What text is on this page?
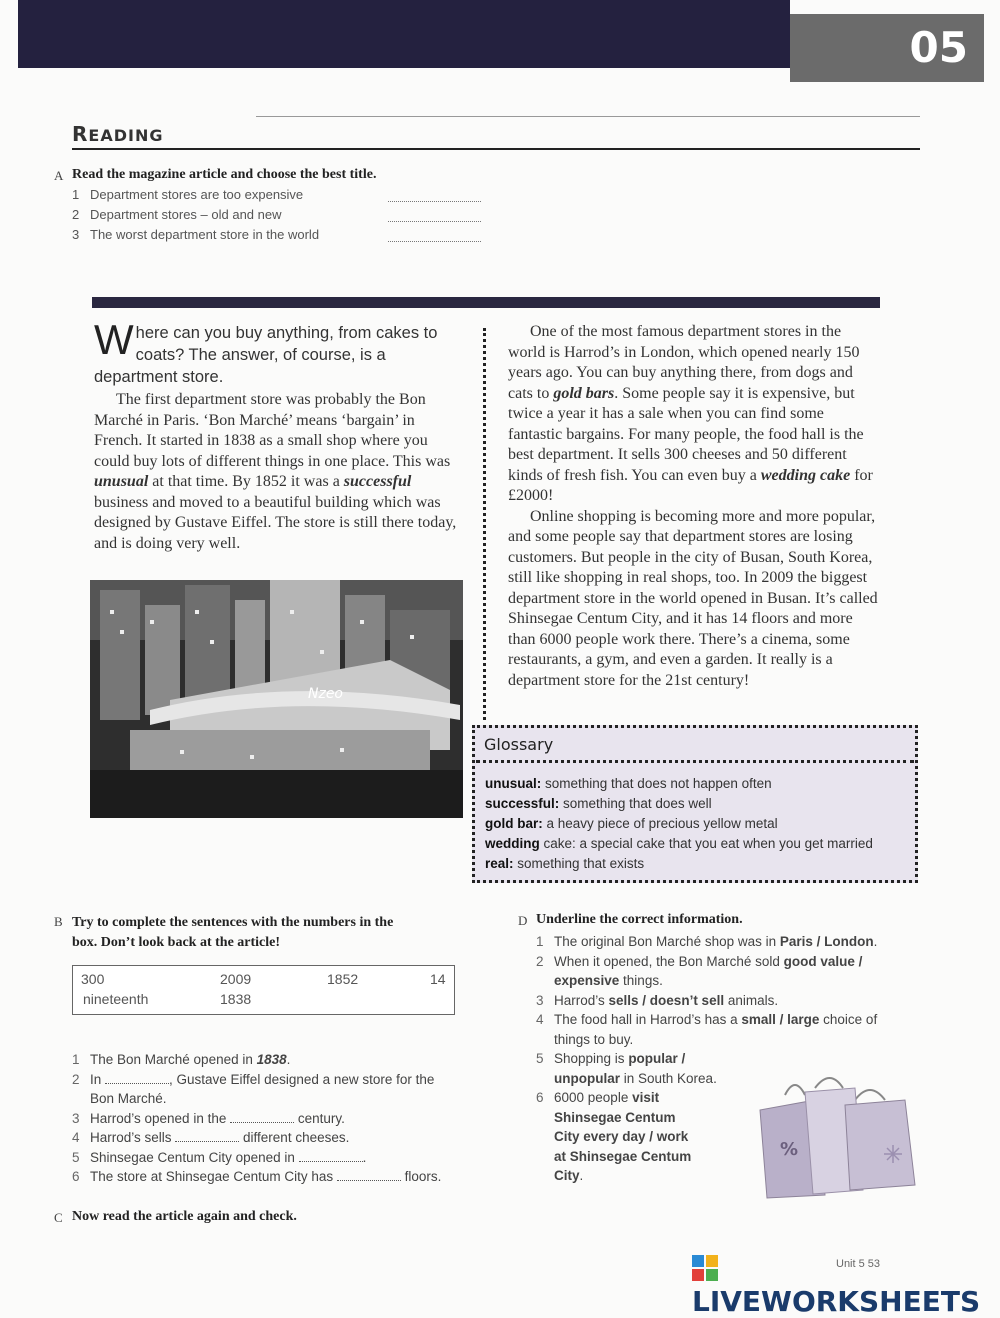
05
READING
A Read the magazine article and choose the best title.
1 Department stores are too expensive
2 Department stores – old and new
3 The worst department store in the world

Where can you buy anything, from cakes to coats? The answer, of course, is a department store.

The first department store was probably the Bon Marché in Paris. ‘Bon Marché’ means ‘bargain’ in French. It started in 1838 as a small shop where you could buy lots of different things in one place. This was unusual at that time. By 1852 it was a successful business and moved to a beautiful building which was designed by Gustave Eiffel. The store is still there today, and is doing very well.

One of the most famous department stores in the world is Harrod’s in London, which opened nearly 150 years ago. You can buy anything there, from dogs and cats to gold bars. Some people say it is expensive, but twice a year it has a sale when you can find some fantastic bargains. For many people, the food hall is the best department. It sells 300 cheeses and 50 different kinds of fresh fish. You can even buy a wedding cake for £2000!

Online shopping is becoming more and more popular, and some people say that department stores are losing customers. But people in the city of Busan, South Korea, still like shopping in real shops, too. In 2009 the biggest department store in the world opened in Busan. It’s called Shinsegae Centum City, and it has 14 floors and more than 6000 people work there. There’s a cinema, some restaurants, a gym, and even a garden. It really is a department store for the 21st century!

Nzeo
Glossary
unusual: something that does not happen often
successful: something that does well
gold bar: a heavy piece of precious yellow metal
wedding cake: a special cake that you eat when you get married
real: something that exists
B Try to complete the sentences with the numbers in the
box. Don’t look back at the article!
300	2009	1852	14
nineteenth	1838
1 The Bon Marché opened in 1838.
2 In	, Gustave Eiffel designed a new store for the
Bon Marché.
3 Harrod’s opened in the	century.
4 Harrod’s sells	different cheeses.
5 Shinsegae Centum City opened in	.
6 The store at Shinsegae Centum City has	floors.
C Now read the article again and check.
D Underline the correct information.
1 The original Bon Marché shop was in Paris / London.
2 When it opened, the Bon Marché sold good value /
expensive things.
3 Harrod’s sells / doesn’t sell animals.
4 The food hall in Harrod’s has a small / large choice of
things to buy.
5 Shopping is popular /
unpopular in South Korea.
6 6000 people visit
Shinsegae Centum
City every day / work
at Shinsegae Centum
City.
%
LIVEWORKSHEETS
Unit 5 53
